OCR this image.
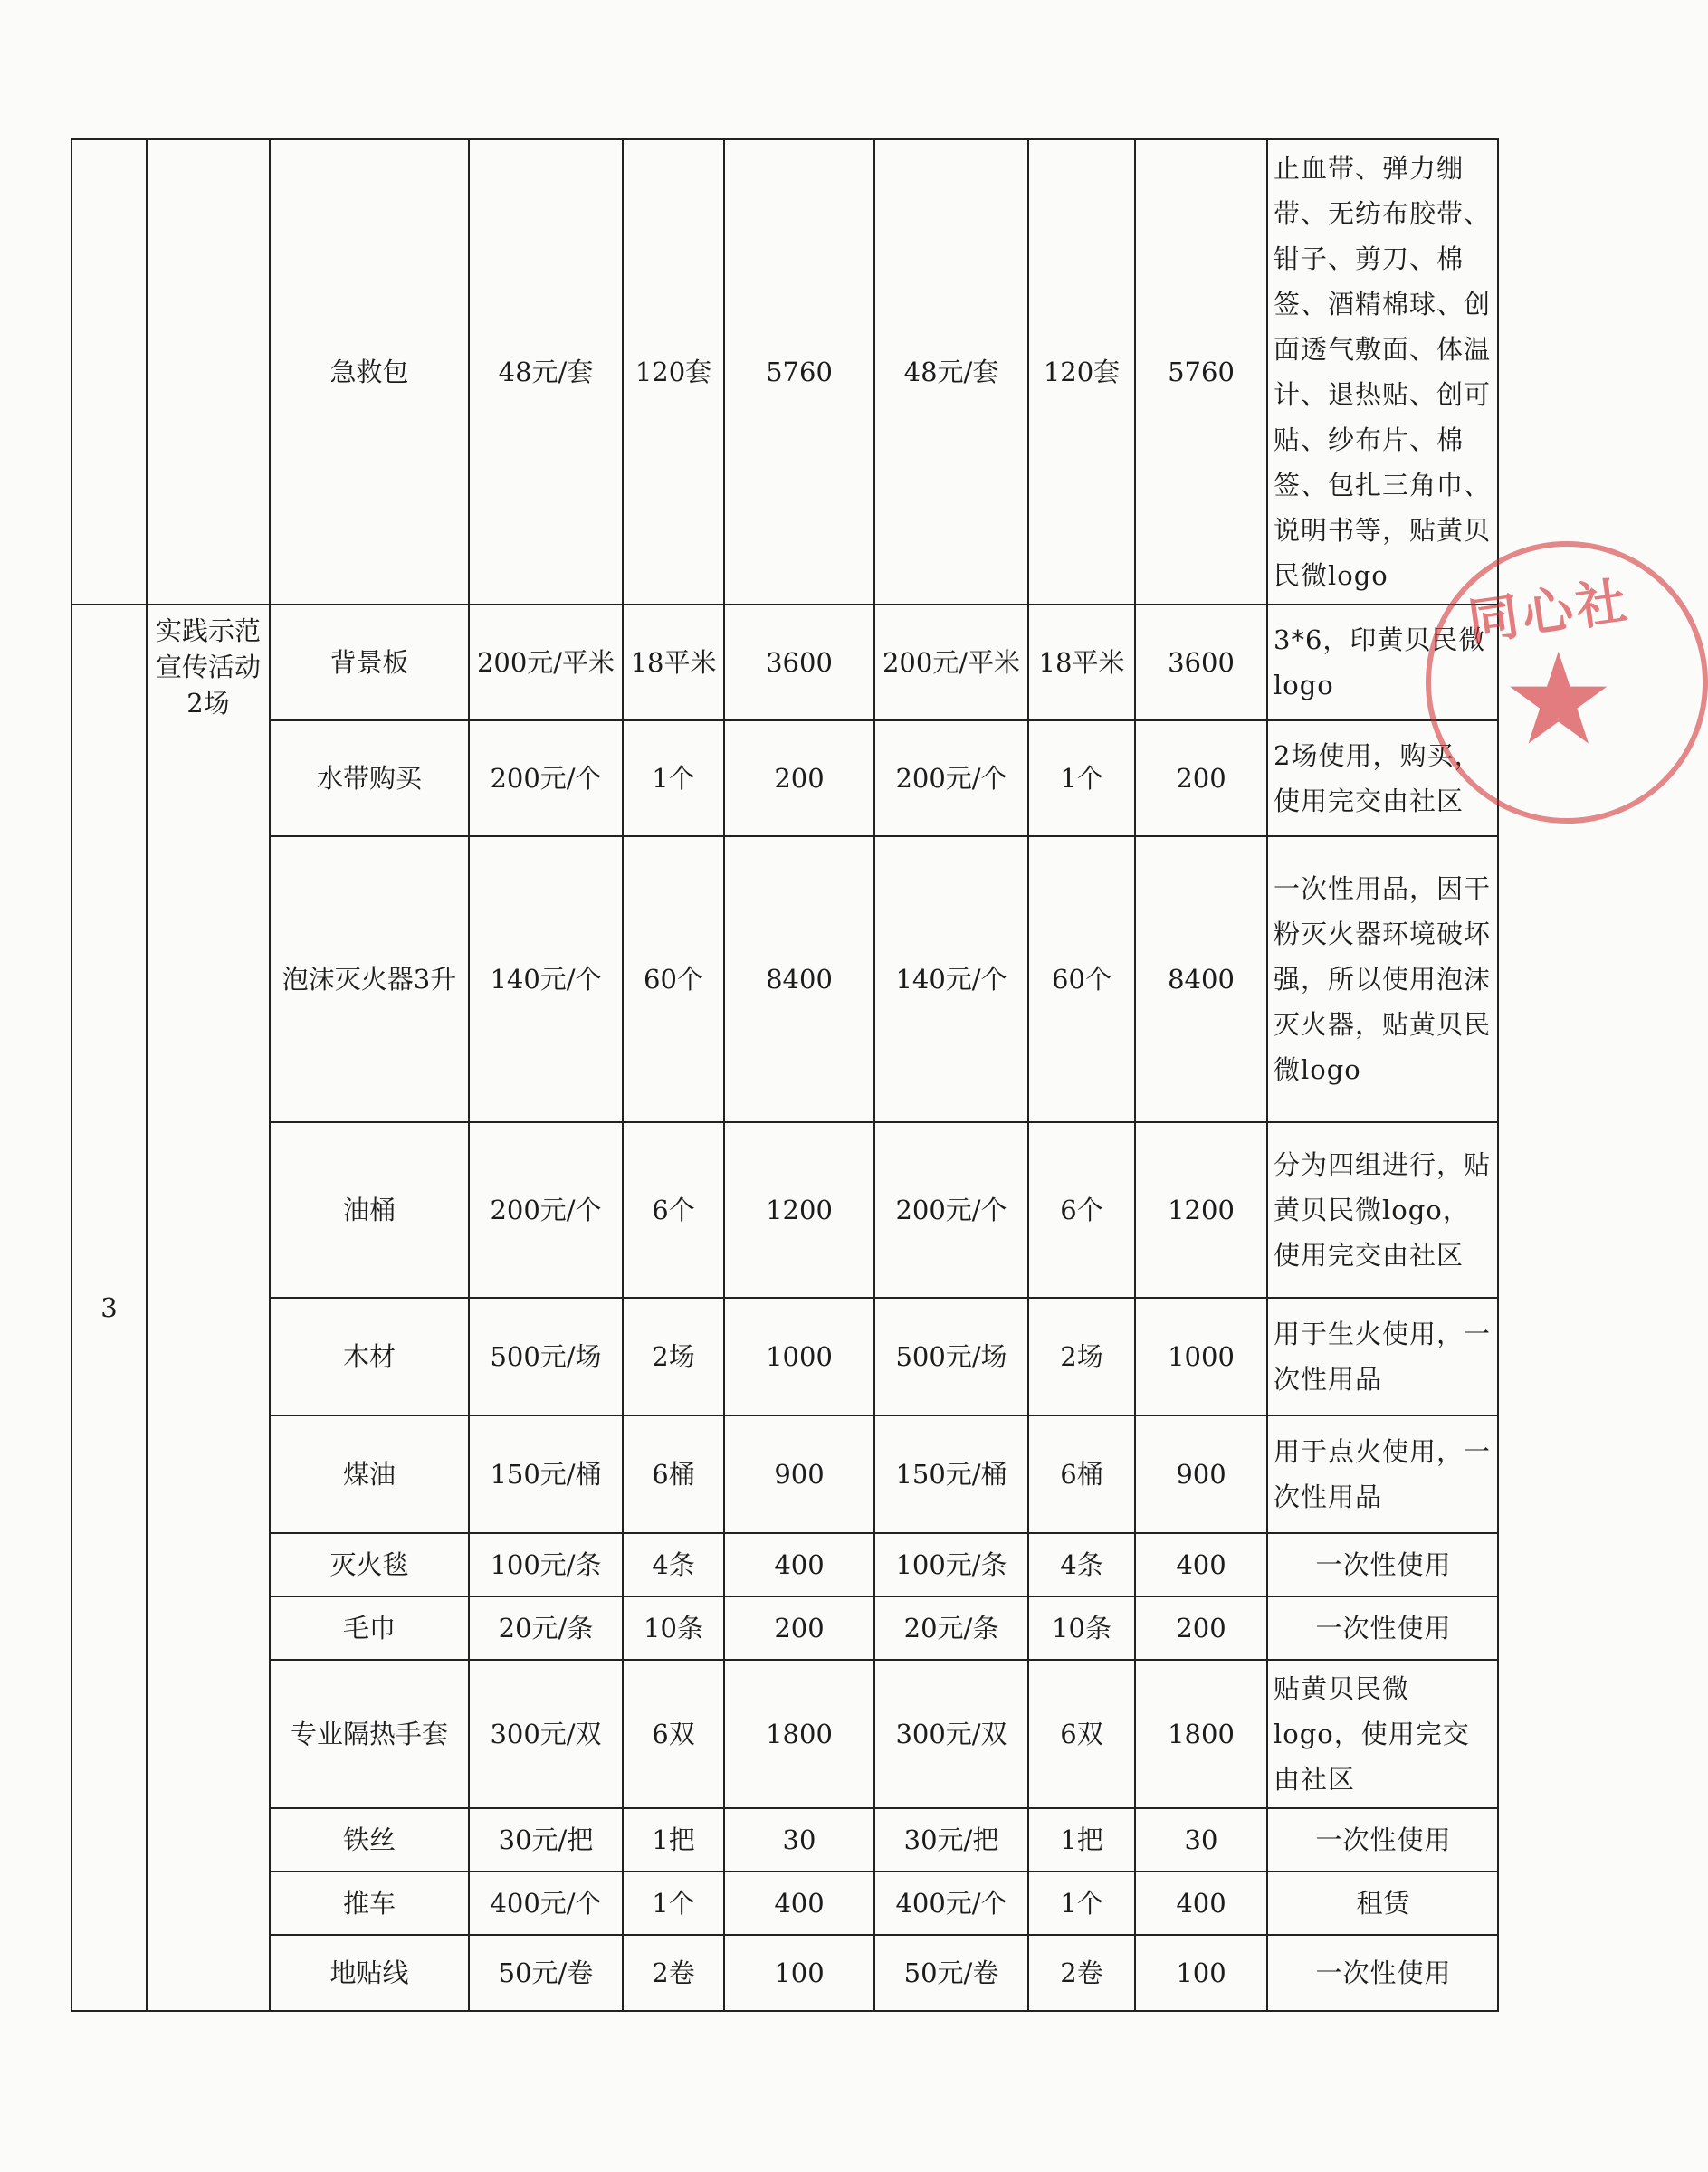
		急救包	48元/套	120套	5760	48元/套	120套	5760	止血带、弹力绷带、无纺布胶带、钳子、剪刀、棉签、酒精棉球、创面透气敷面、体温计、退热贴、创可贴、纱布片、棉签、包扎三角巾、说明书等，贴黄贝民微logo
3	实践示范宣传活动2场	背景板	200元/平米	18平米	3600	200元/平米	18平米	3600	3*6，印黄贝民微logo
		水带购买	200元/个	1个	200	200元/个	1个	200	2场使用，购买，使用完交由社区
		泡沫灭火器3升	140元/个	60个	8400	140元/个	60个	8400	一次性用品，因干粉灭火器环境破坏强，所以使用泡沫灭火器，贴黄贝民微logo
		油桶	200元/个	6个	1200	200元/个	6个	1200	分为四组进行，贴黄贝民微logo，使用完交由社区
		木材	500元/场	2场	1000	500元/场	2场	1000	用于生火使用，一次性用品
		煤油	150元/桶	6桶	900	150元/桶	6桶	900	用于点火使用，一次性用品
		灭火毯	100元/条	4条	400	100元/条	4条	400	一次性使用
		毛巾	20元/条	10条	200	20元/条	10条	200	一次性使用
		专业隔热手套	300元/双	6双	1800	300元/双	6双	1800	贴黄贝民微logo，使用完交由社区
		铁丝	30元/把	1把	30	30元/把	1把	30	一次性使用
		推车	400元/个	1个	400	400元/个	1个	400	租赁
		地贴线	50元/卷	2卷	100	50元/卷	2卷	100	一次性使用
同心社
★
